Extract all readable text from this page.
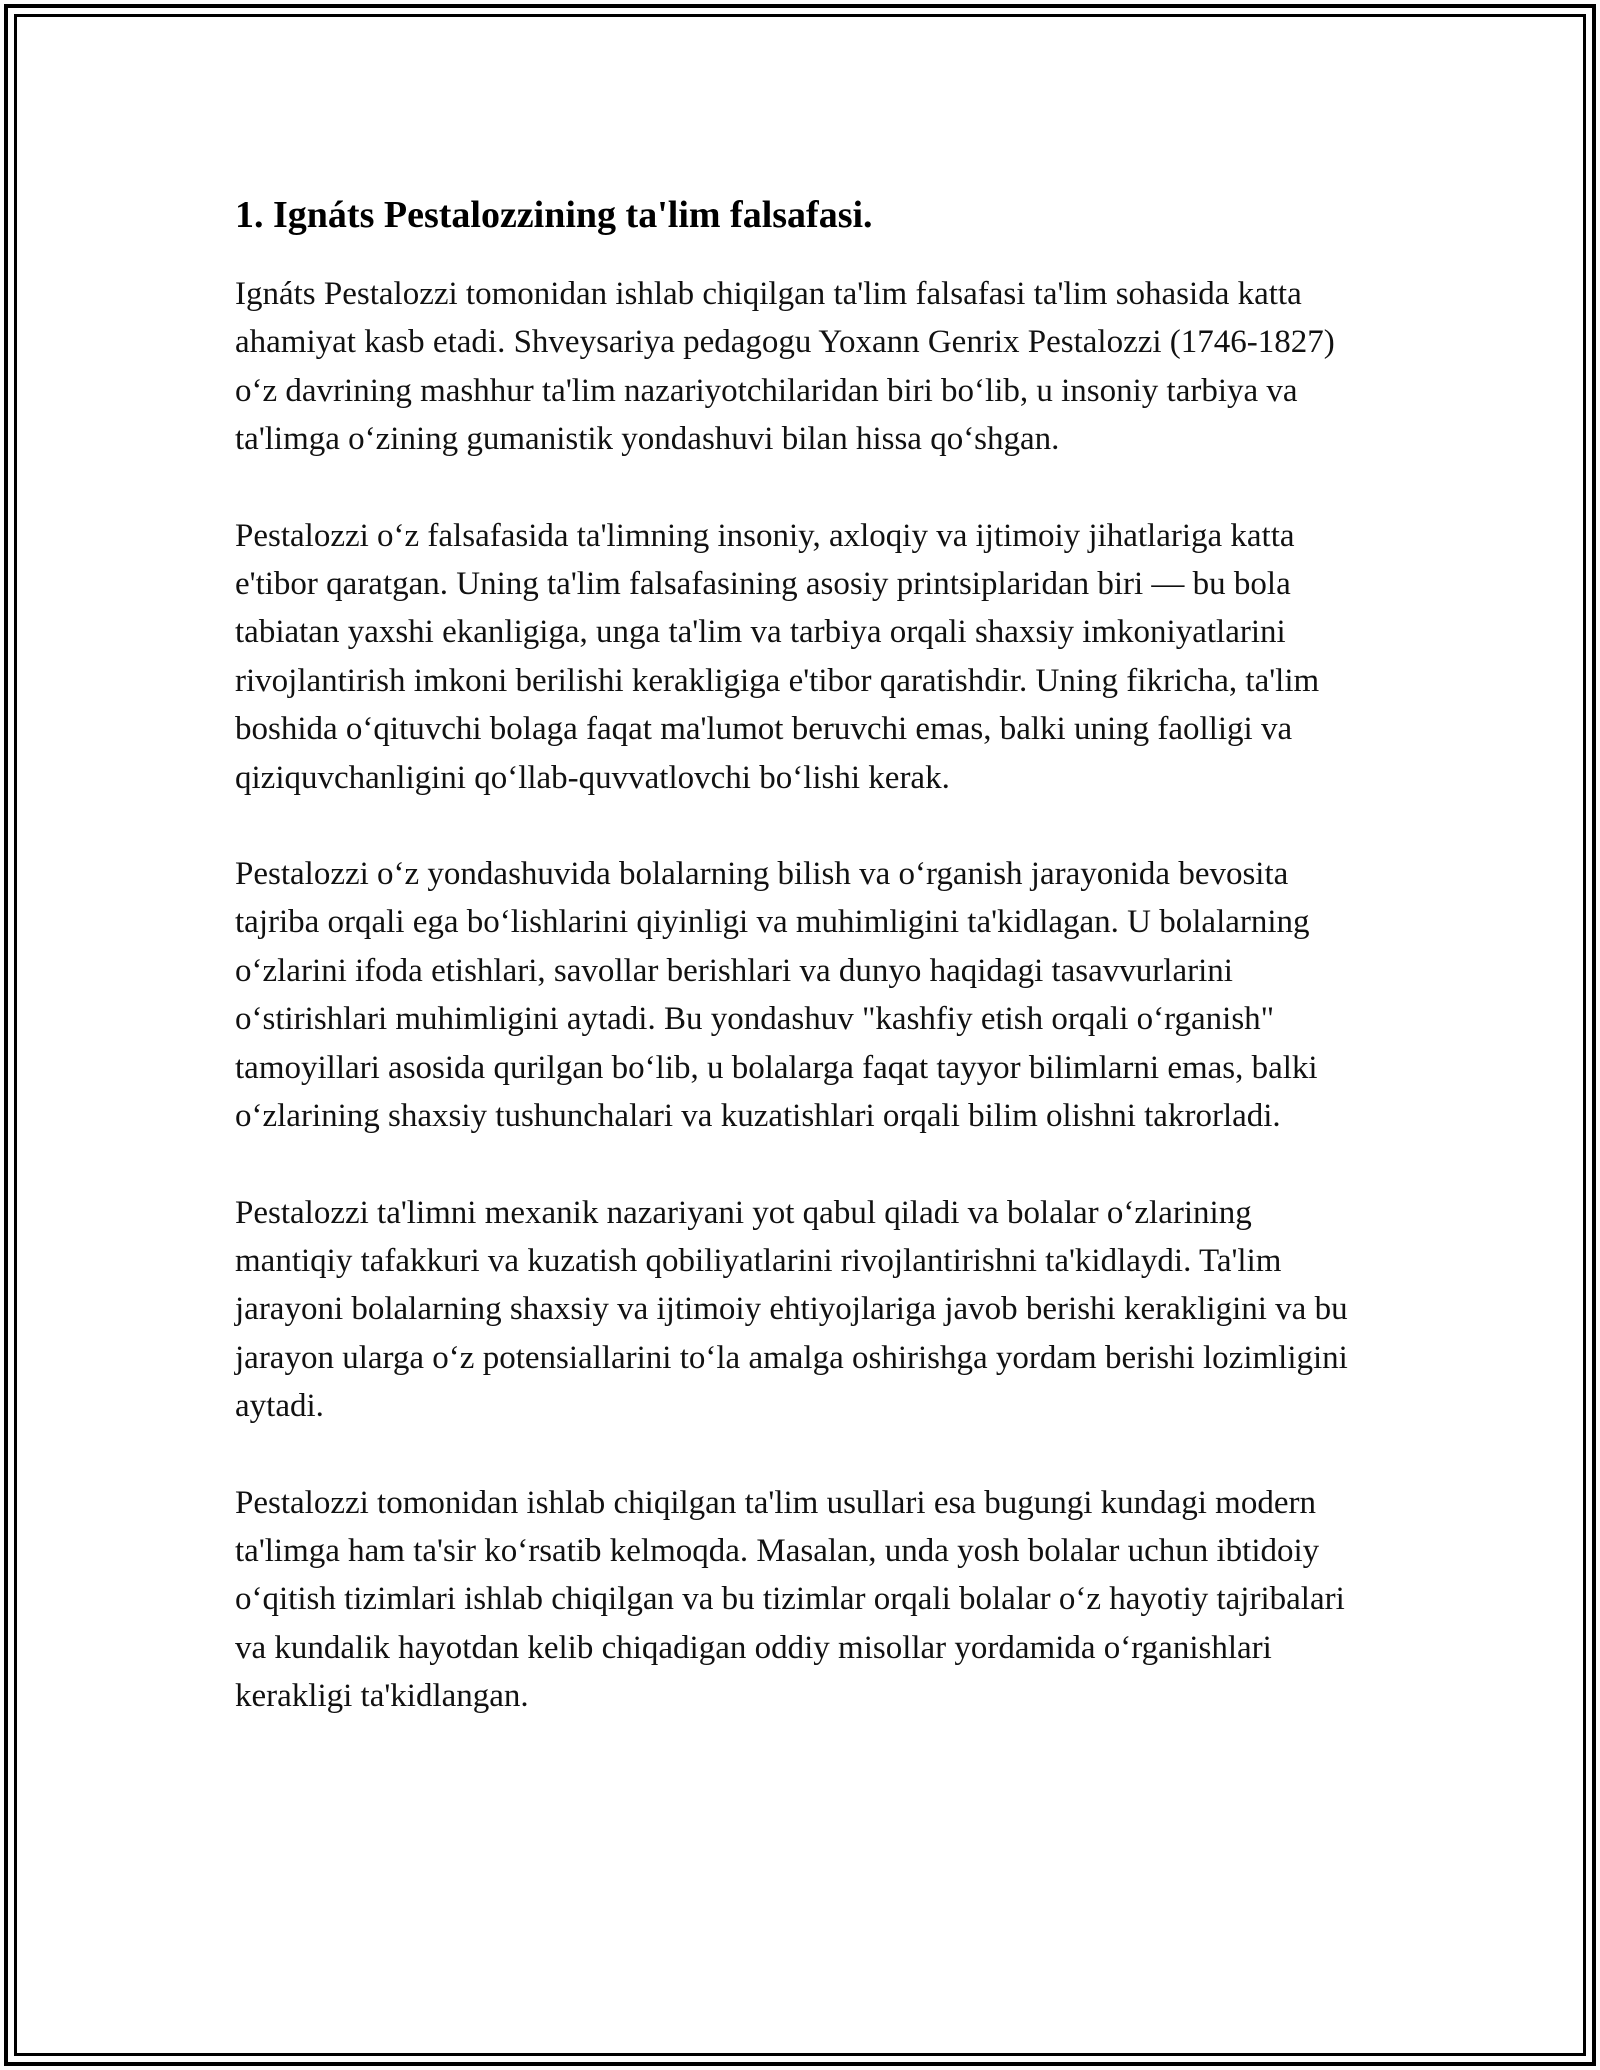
1. Ignáts Pestalozzining ta'lim falsafasi.

Ignáts Pestalozzi tomonidan ishlab chiqilgan ta'lim falsafasi ta'lim sohasida katta ahamiyat kasb etadi. Shveysariya pedagogu Yoxann Genrix Pestalozzi (1746-1827) o‘z davrining mashhur ta'lim nazariyotchilaridan biri bo‘lib, u insoniy tarbiya va ta'limga o‘zining gumanistik yondashuvi bilan hissa qo‘shgan.

Pestalozzi o‘z falsafasida ta'limning insoniy, axloqiy va ijtimoiy jihatlariga katta e'tibor qaratgan. Uning ta'lim falsafasining asosiy printsiplaridan biri — bu bola tabiatan yaxshi ekanligiga, unga ta'lim va tarbiya orqali shaxsiy imkoniyatlarini rivojlantirish imkoni berilishi kerakligiga e'tibor qaratishdir. Uning fikricha, ta'lim boshida o‘qituvchi bolaga faqat ma'lumot beruvchi emas, balki uning faolligi va qiziquvchanligini qo‘llab-quvvatlovchi bo‘lishi kerak.

Pestalozzi o‘z yondashuvida bolalarning bilish va o‘rganish jarayonida bevosita tajriba orqali ega bo‘lishlarini qiyinligi va muhimligini ta'kidlagan. U bolalarning o‘zlarini ifoda etishlari, savollar berishlari va dunyo haqidagi tasavvurlarini o‘stirishlari muhimligini aytadi. Bu yondashuv "kashfiy etish orqali o‘rganish" tamoyillari asosida qurilgan bo‘lib, u bolalarga faqat tayyor bilimlarni emas, balki o‘zlarining shaxsiy tushunchalari va kuzatishlari orqali bilim olishni takrorladi.

Pestalozzi ta'limni mexanik nazariyani yot qabul qiladi va bolalar o‘zlarining mantiqiy tafakkuri va kuzatish qobiliyatlarini rivojlantirishni ta'kidlaydi. Ta'lim jarayoni bolalarning shaxsiy va ijtimoiy ehtiyojlariga javob berishi kerakligini va bu jarayon ularga o‘z potensiallarini to‘la amalga oshirishga yordam berishi lozimligini aytadi.

Pestalozzi tomonidan ishlab chiqilgan ta'lim usullari esa bugungi kundagi modern ta'limga ham ta'sir ko‘rsatib kelmoqda. Masalan, unda yosh bolalar uchun ibtidoiy o‘qitish tizimlari ishlab chiqilgan va bu tizimlar orqali bolalar o‘z hayotiy tajribalari va kundalik hayotdan kelib chiqadigan oddiy misollar yordamida o‘rganishlari kerakligi ta'kidlangan.
